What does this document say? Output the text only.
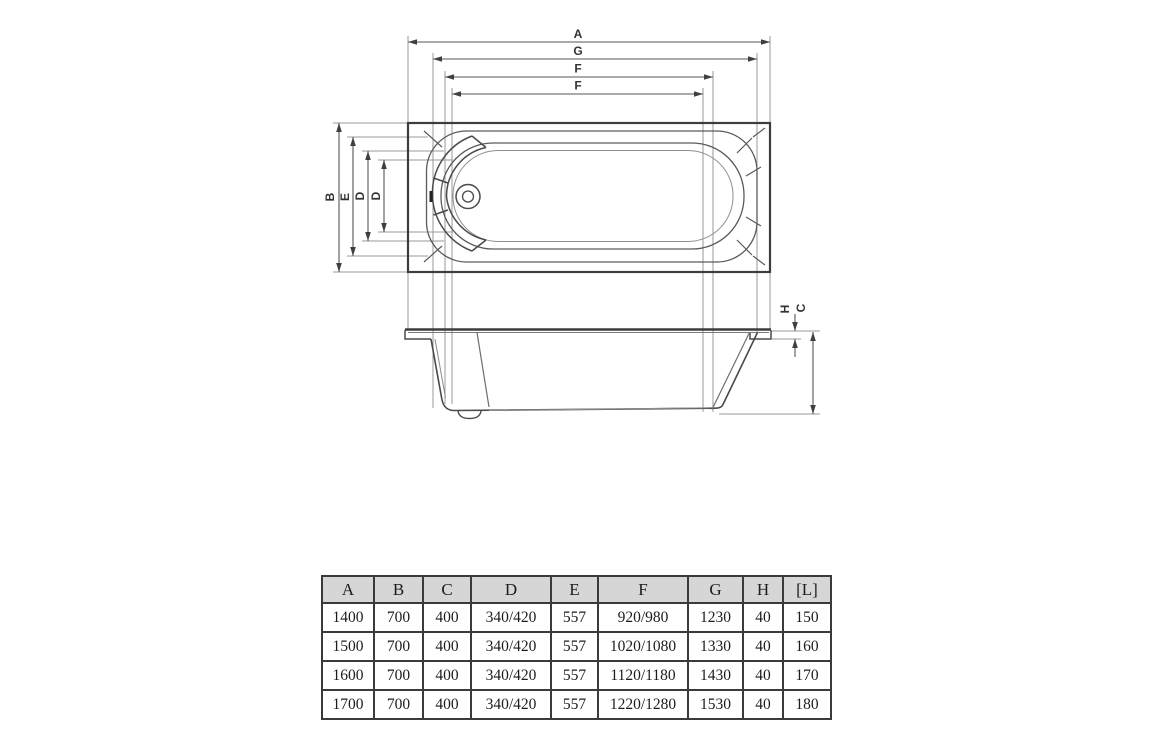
A
G
F
F
B E D D
H C
A	B	C	D	E	F	G	H	[L]
1400	700	400	340/420	557	920/980	1230	40	150
1500	700	400	340/420	557	1020/1080	1330	40	160
1600	700	400	340/420	557	1120/1180	1430	40	170
1700	700	400	340/420	557	1220/1280	1530	40	180
